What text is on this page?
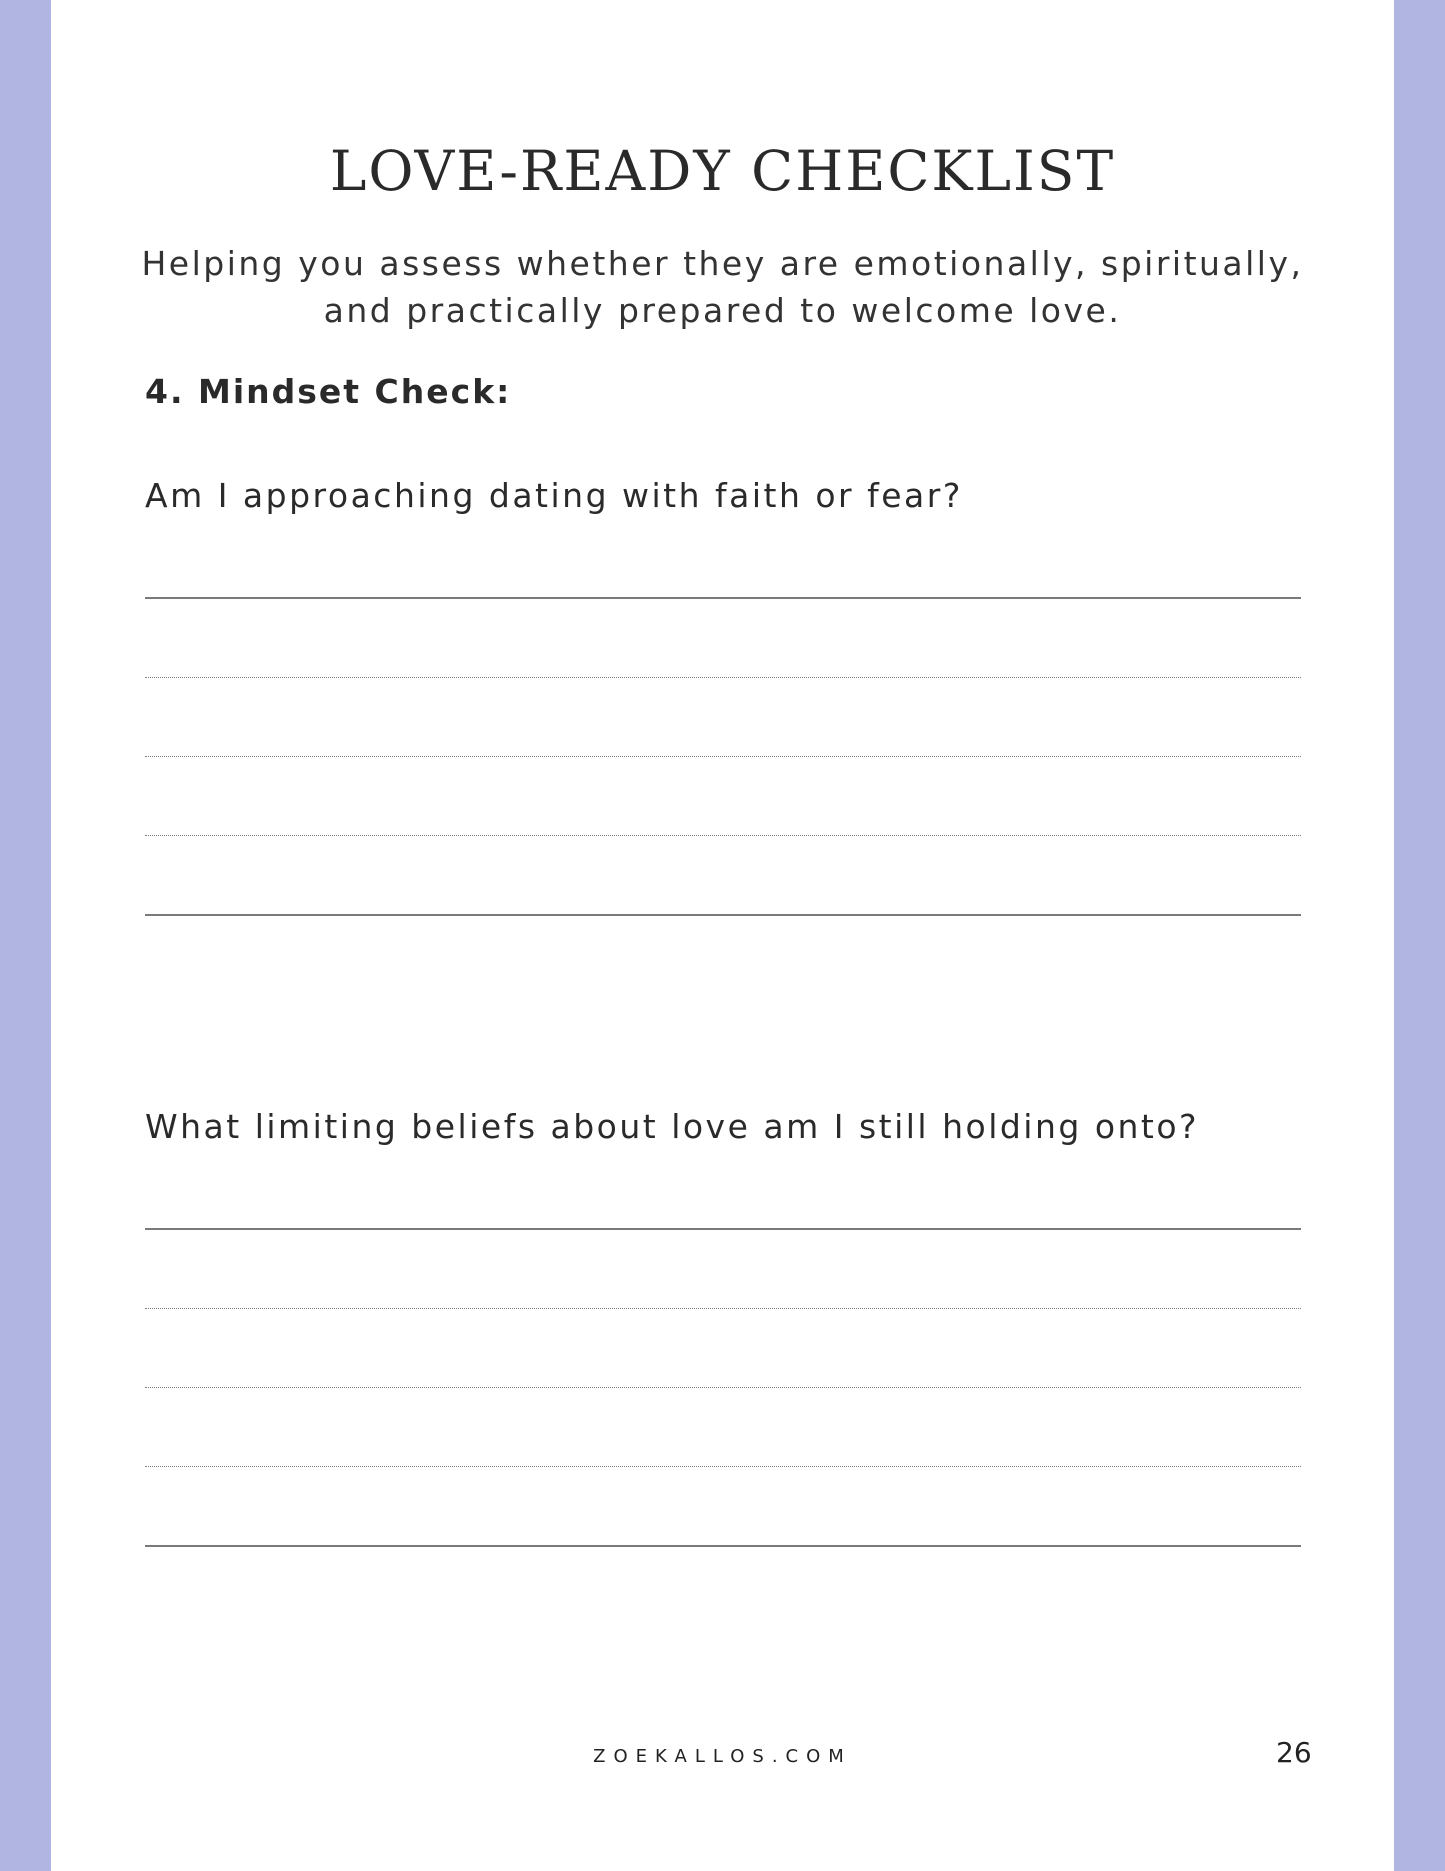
LOVE-READY CHECKLIST

Helping you assess whether they are emotionally, spiritually, and practically prepared to welcome love.

4. Mindset Check:

Am I approaching dating with faith or fear?

What limiting beliefs about love am I still holding onto?

ZOEKALLOS.COM	26
